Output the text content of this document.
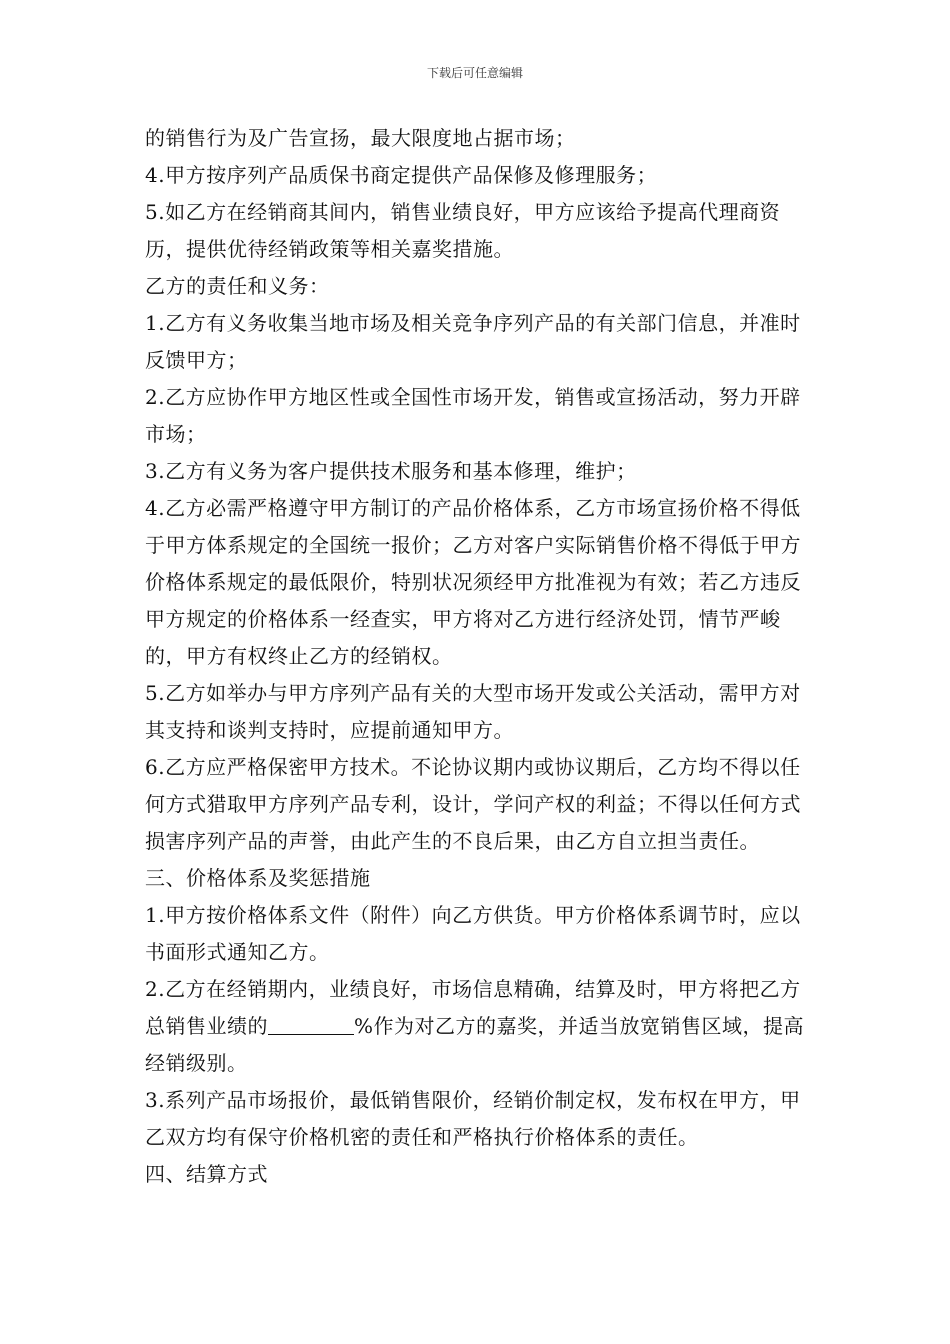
下载后可任意编辑

的销售行为及广告宣扬，最大限度地占据市场；

4.甲方按序列产品质保书商定提供产品保修及修理服务；

5.如乙方在经销商其间内，销售业绩良好，甲方应该给予提高代理商资历，提供优待经销政策等相关嘉奖措施。

乙方的责任和义务：

1.乙方有义务收集当地市场及相关竞争序列产品的有关部门信息，并准时反馈甲方；

2.乙方应协作甲方地区性或全国性市场开发，销售或宣扬活动，努力开辟市场；

3.乙方有义务为客户提供技术服务和基本修理，维护；

4.乙方必需严格遵守甲方制订的产品价格体系，乙方市场宣扬价格不得低于甲方体系规定的全国统一报价；乙方对客户实际销售价格不得低于甲方价格体系规定的最低限价，特别状况须经甲方批准视为有效；若乙方违反甲方规定的价格体系一经查实，甲方将对乙方进行经济处罚，情节严峻的，甲方有权终止乙方的经销权。

5.乙方如举办与甲方序列产品有关的大型市场开发或公关活动，需甲方对其支持和谈判支持时，应提前通知甲方。

6.乙方应严格保密甲方技术。不论协议期内或协议期后，乙方均不得以任何方式猎取甲方序列产品专利，设计，学问产权的利益；不得以任何方式损害序列产品的声誉，由此产生的不良后果，由乙方自立担当责任。

三、价格体系及奖惩措施

1.甲方按价格体系文件（附件）向乙方供货。甲方价格体系调节时，应以书面形式通知乙方。

2.乙方在经销期内，业绩良好，市场信息精确，结算及时，甲方将把乙方总销售业绩的	%作为对乙方的嘉奖，并适当放宽销售区域，提高经销级别。

3.系列产品市场报价，最低销售限价，经销价制定权，发布权在甲方，甲乙双方均有保守价格机密的责任和严格执行价格体系的责任。

四、结算方式
